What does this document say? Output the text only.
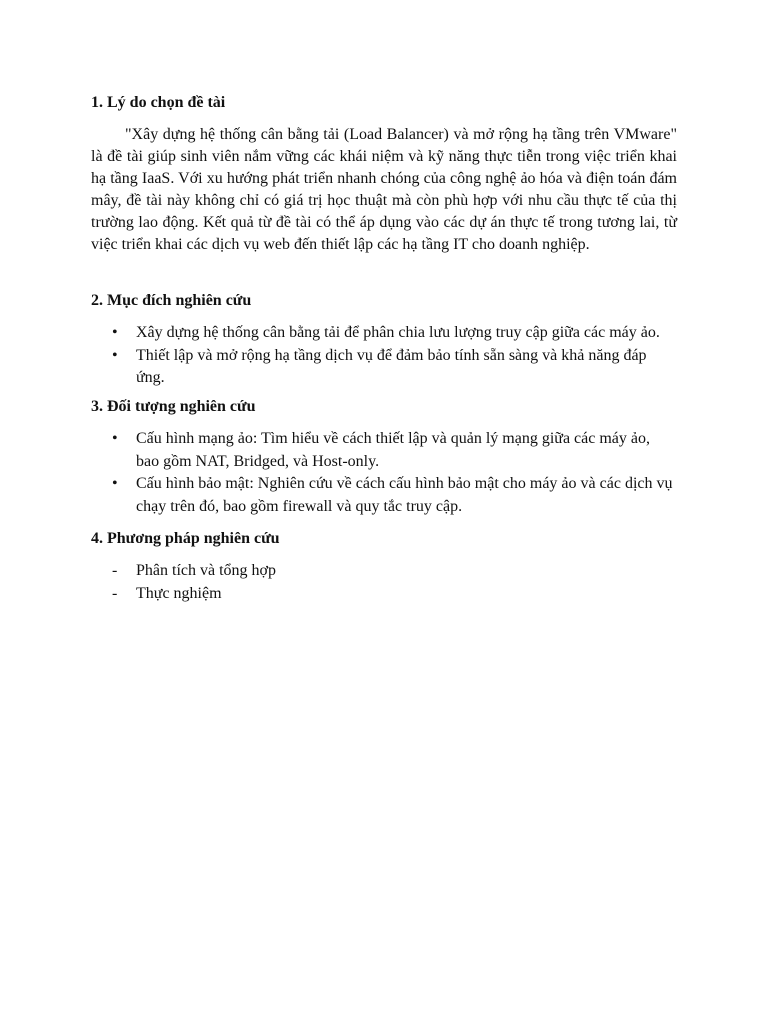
1. Lý do chọn đề tài

"Xây dựng hệ thống cân bằng tải (Load Balancer) và mở rộng hạ tầng trên VMware" là đề tài giúp sinh viên nắm vững các khái niệm và kỹ năng thực tiễn trong việc triển khai hạ tầng IaaS. Với xu hướng phát triển nhanh chóng của công nghệ ảo hóa và điện toán đám mây, đề tài này không chỉ có giá trị học thuật mà còn phù hợp với nhu cầu thực tế của thị trường lao động. Kết quả từ đề tài có thể áp dụng vào các dự án thực tế trong tương lai, từ việc triển khai các dịch vụ web đến thiết lập các hạ tầng IT cho doanh nghiệp.

2. Mục đích nghiên cứu
•	Xây dựng hệ thống cân bằng tải để phân chia lưu lượng truy cập giữa các máy ảo.
•	Thiết lập và mở rộng hạ tầng dịch vụ để đảm bảo tính sẵn sàng và khả năng đáp ứng.
3. Đối tượng nghiên cứu
•	Cấu hình mạng ảo: Tìm hiểu về cách thiết lập và quản lý mạng giữa các máy ảo, bao gồm NAT, Bridged, và Host-only.
•	Cấu hình bảo mật: Nghiên cứu về cách cấu hình bảo mật cho máy ảo và các dịch vụ chạy trên đó, bao gồm firewall và quy tắc truy cập.
4. Phương pháp nghiên cứu
-	Phân tích và tổng hợp
-	Thực nghiệm
